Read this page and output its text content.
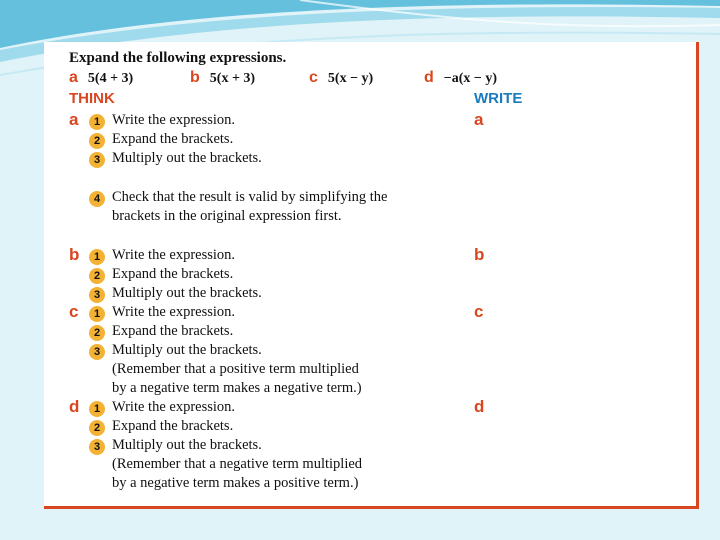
Expand the following expressions.
a 5(4 + 3)	b 5(x + 3)	c 5(x − y)	d −a(x − y)
THINK	WRITE
a	a
1 Write the expression.
2 Expand the brackets.
3 Multiply out the brackets.
4 Check that the result is valid by simplifying the
brackets in the original expression first.
b	b
1 Write the expression.
2 Expand the brackets.
3 Multiply out the brackets.
c	c
1 Write the expression.
2 Expand the brackets.
3 Multiply out the brackets.
(Remember that a positive term multiplied
by a negative term makes a negative term.)
d	d
1 Write the expression.
2 Expand the brackets.
3 Multiply out the brackets.
(Remember that a negative term multiplied
by a negative term makes a positive term.)
